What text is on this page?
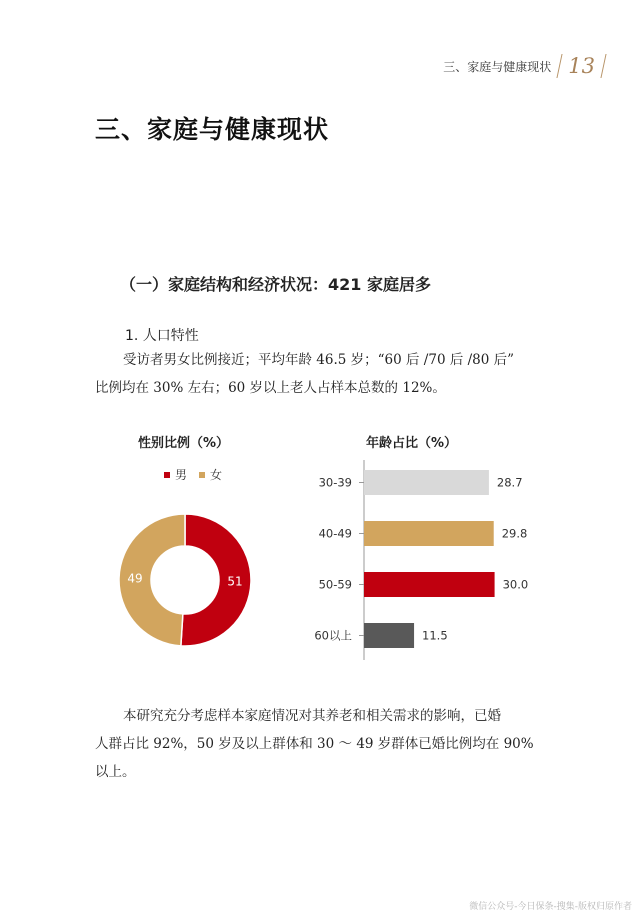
三、家庭与健康现状 13
三、家庭与健康现状
（一）家庭结构和经济状况：421 家庭居多
1. 人口特性
受访者男女比例接近；平均年龄 46.5 岁；“60 后 /70 后 /80 后”
比例均在 30% 左右；60 岁以上老人占样本总数的 12%。
性别比例（%）
男 女
51
49
年龄占比（%）
30-39	28.7
40-49	29.8
50-59	30.0
60以上	11.5
本研究充分考虑样本家庭情况对其养老和相关需求的影响，已婚
人群占比 92%，50 岁及以上群体和 30 ～ 49 岁群体已婚比例均在 90%
以上。
微信公众号-今日保条-搜集-版权归原作者
